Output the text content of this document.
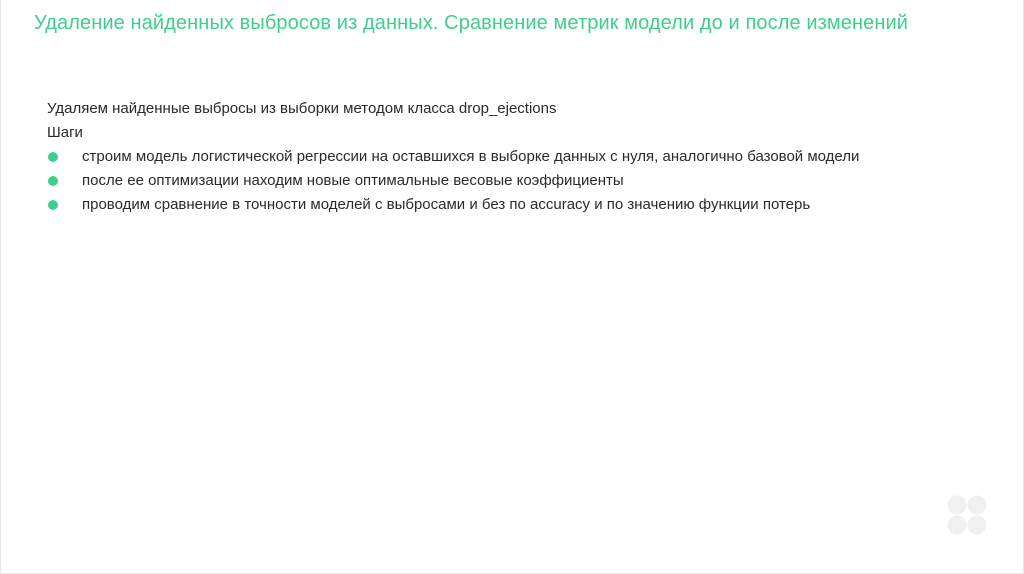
Удаление найденных выбросов из данных. Сравнение метрик модели до и после изменений

Удаляем найденные выбросы из выборки методом класса drop_ejections

Шаги

строим модель логистической регрессии на оставшихся в выборке данных с нуля, аналогично базовой модели
после ее оптимизации находим новые оптимальные весовые коэффициенты
проводим сравнение в точности моделей с выбросами и без по accuracy и по значению функции потерь
